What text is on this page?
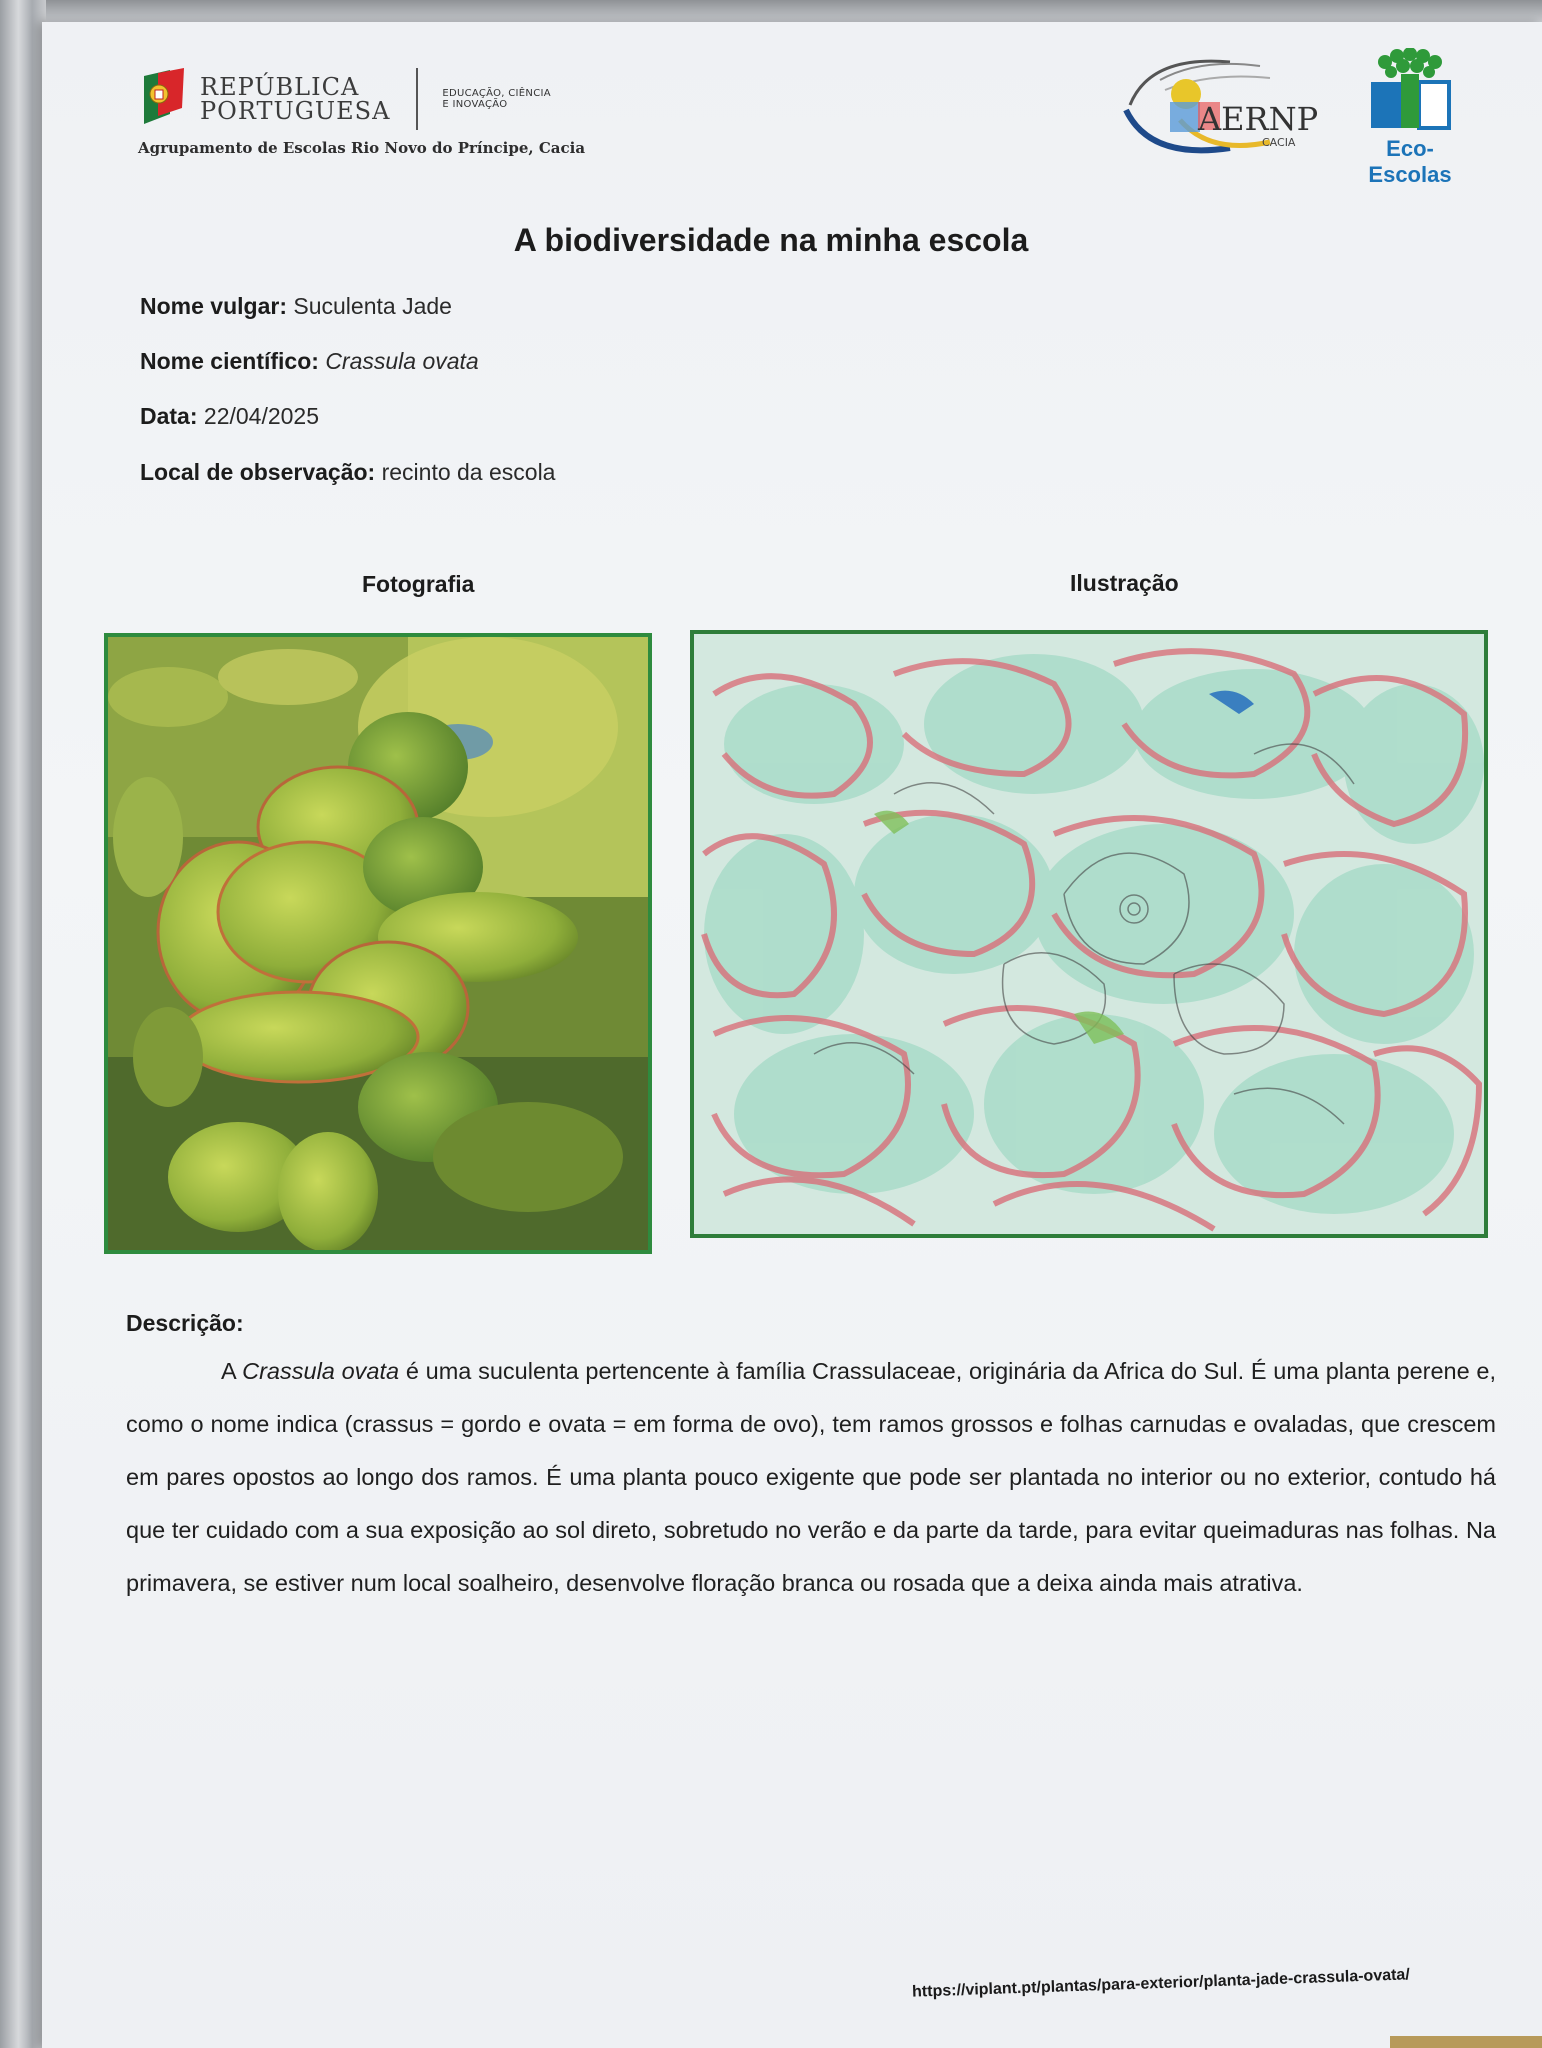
REPÚBLICA
PORTUGUESA
EDUCAÇÃO, CIÊNCIA
E INOVAÇÃO
Agrupamento de Escolas Rio Novo do Príncipe, Cacia
AERNP
CACIA	Eco-Escolas
A biodiversidade na minha escola
Nome vulgar: Suculenta Jade
Nome científico: Crassula ovata
Data: 22/04/2025
Local de observação: recinto da escola
Fotografia	Ilustração
Descrição:
A Crassula ovata é uma suculenta pertencente à família Crassulaceae, originária da Africa do Sul. É uma planta perene e, como o nome indica (crassus = gordo e ovata = em forma de ovo), tem ramos grossos e folhas carnudas e ovaladas, que crescem em pares opostos ao longo dos ramos. É uma planta pouco exigente que pode ser plantada no interior ou no exterior, contudo há que ter cuidado com a sua exposição ao sol direto, sobretudo no verão e da parte da tarde, para evitar queimaduras nas folhas. Na primavera, se estiver num local soalheiro, desenvolve floração branca ou rosada que a deixa ainda mais atrativa.
https://viplant.pt/plantas/para-exterior/planta-jade-crassula-ovata/
